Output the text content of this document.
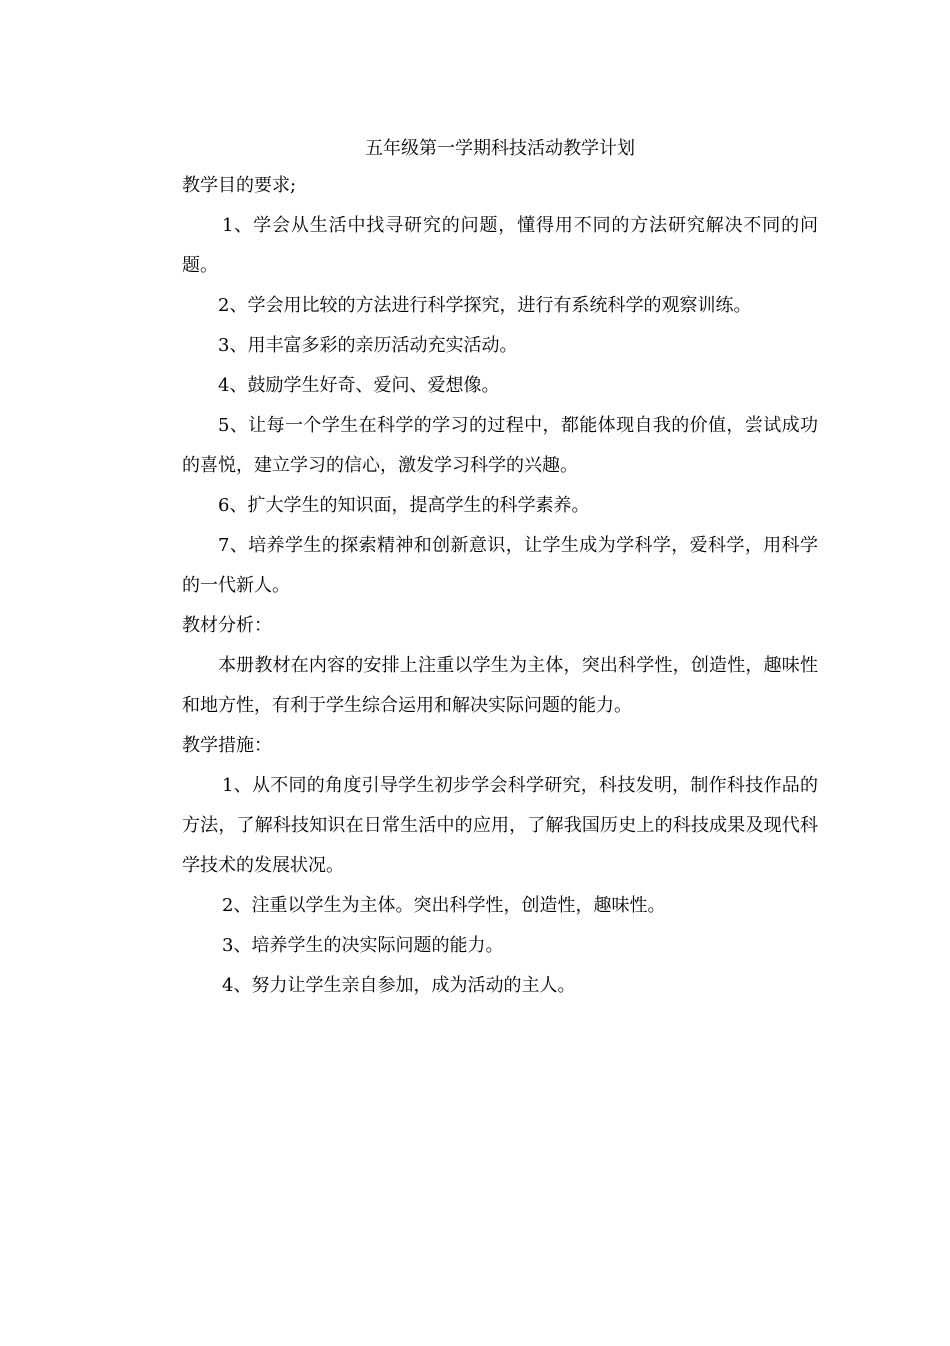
五年级第一学期科技活动教学计划

教学目的要求;

1、学会从生活中找寻研究的问题，懂得用不同的方法研究解决不同的问题。

2、学会用比较的方法进行科学探究，进行有系统科学的观察训练。

3、用丰富多彩的亲历活动充实活动。

4、鼓励学生好奇、爱问、爱想像。

5、让每一个学生在科学的学习的过程中，都能体现自我的价值，尝试成功的喜悦，建立学习的信心，激发学习科学的兴趣。

6、扩大学生的知识面，提高学生的科学素养。

7、培养学生的探索精神和创新意识，让学生成为学科学，爱科学，用科学的一代新人。

教材分析：

本册教材在内容的安排上注重以学生为主体，突出科学性，创造性，趣味性和地方性，有利于学生综合运用和解决实际问题的能力。

教学措施：

1、从不同的角度引导学生初步学会科学研究，科技发明，制作科技作品的方法，了解科技知识在日常生活中的应用，了解我国历史上的科技成果及现代科学技术的发展状况。

2、注重以学生为主体。突出科学性，创造性，趣味性。

3、培养学生的决实际问题的能力。

4、努力让学生亲自参加，成为活动的主人。
